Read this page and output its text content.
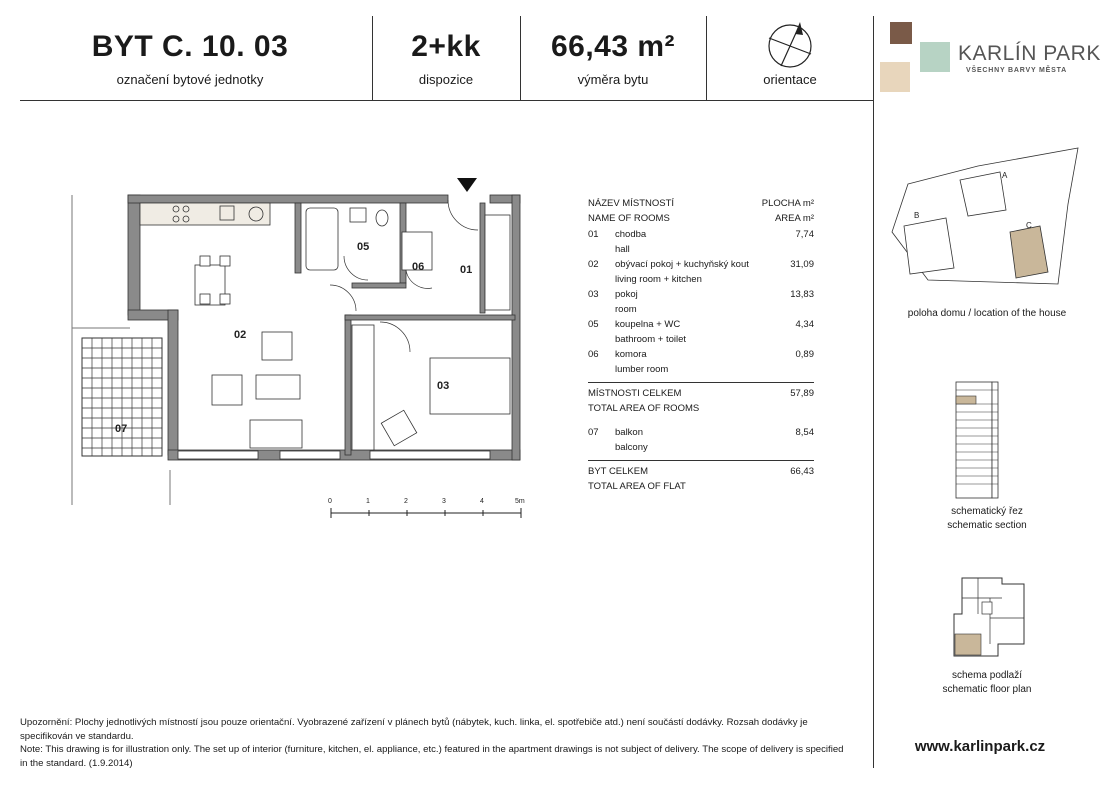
BYT C. 10. 03
označení bytové jednotky
2+kk
dispozice
66,43 m²
výměra bytu	orientace
KARLÍN PARK
VŠECHNY BARVY MĚSTA
01
02
03
05
06
07
0	1	2	3	4	5m
NÁZEV MÍSTNOSTÍ	PLOCHA m²
NAME OF ROOMS	AREA m²
01 chodba	7,74
hall
02 obývací pokoj + kuchyňský kout	31,09
living room + kitchen
03 pokoj	13,83
room
05 koupelna + WC	4,34
bathroom + toilet
06 komora	0,89
lumber room
MÍSTNOSTI CELKEM	57,89
TOTAL AREA OF ROOMS
07 balkon	8,54
balcony
BYT CELKEM	66,43
TOTAL AREA OF FLAT
A
B
C
poloha domu / location of the house
schematický řez
schematic section
schema podlaží
schematic floor plan
Upozornění: Plochy jednotlivých místností jsou pouze orientační. Vyobrazené zařízení v plánech bytů (nábytek, kuch. linka, el. spotřebiče atd.) není součástí dodávky. Rozsah dodávky je specifikován ve standardu.
Note: This drawing is for illustration only. The set up of interior (furniture, kitchen, el. appliance, etc.) featured in the apartment drawings is not subject of delivery. The scope of delivery is specified in the standard. (1.9.2014)
www.karlinpark.cz
